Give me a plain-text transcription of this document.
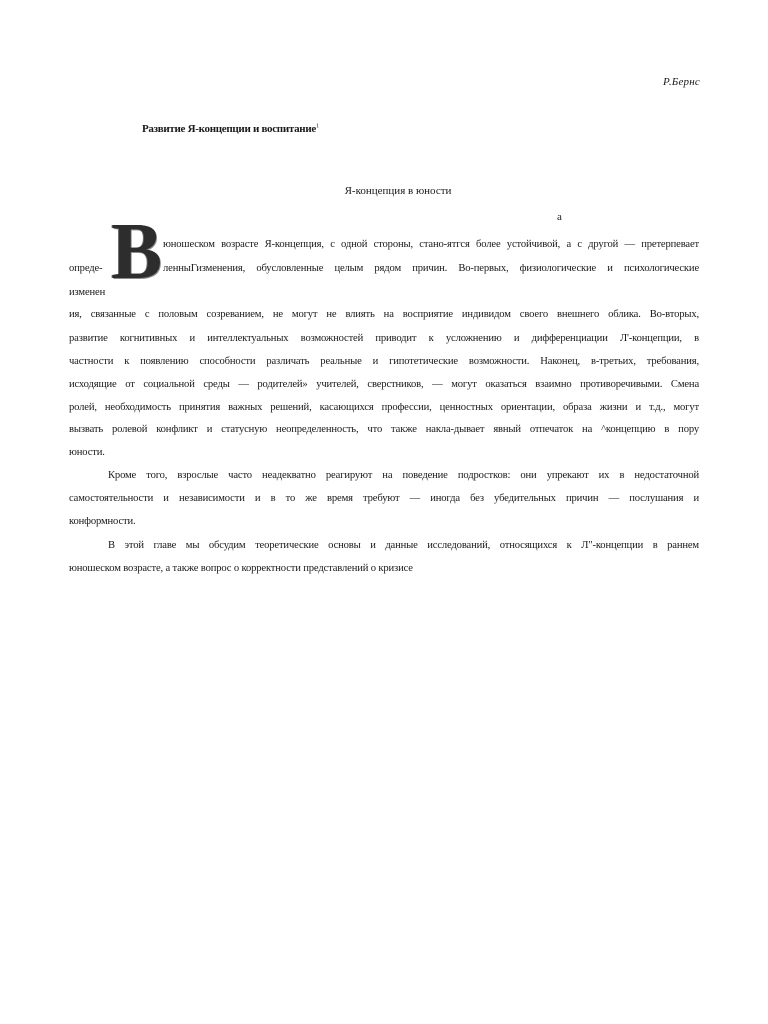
Р.Бернс
Развитие Я-концепции и воспитание$^1$
Я-концепция в юности
а
В юношеском возрасте Я-концепция, с одной стороны, стано-ятгся более устойчивой, а с другой — претерпевает
опреде-	ленныГизменения, обусловленные целым рядом причин. Во-первых, физиологические и психологические
изменен
ия, связанные с половым созреванием, не могут не влиять на восприятие индивидом своего внешнего облика. Во-вторых,
развитие когнитивных и интеллектуальных возможностей приводит к усложнению и дифференциации Л'-концепции, в
частности к появлению способности различать реальные и гипотетические возможности. Наконец, в-третьих, требования,
исходящие от социальной среды — родителей» учителей, сверстников, — могут оказаться взаимно противоречивыми. Смена
ролей, необходимость принятия важных решений, касающихся профессии, ценностных ориентации, образа жизни и т.д., могут
вызвать ролевой конфликт и статусную неопределенность, что также накла-дывает явный отпечаток на ^концепцию в пору
юности.
Кроме того, взрослые часто неадекватно реагируют на поведение подростков: они упрекают их в недостаточной
самостоятельности и независимости и в то же время требуют — иногда без убедительных причин — послушания и
конформности.
В этой главе мы обсудим теоретические основы и данные исследований, относящихся к Л"-концепции в раннем
юношеском возрасте, а также вопрос о корректности представлений о кризисе
